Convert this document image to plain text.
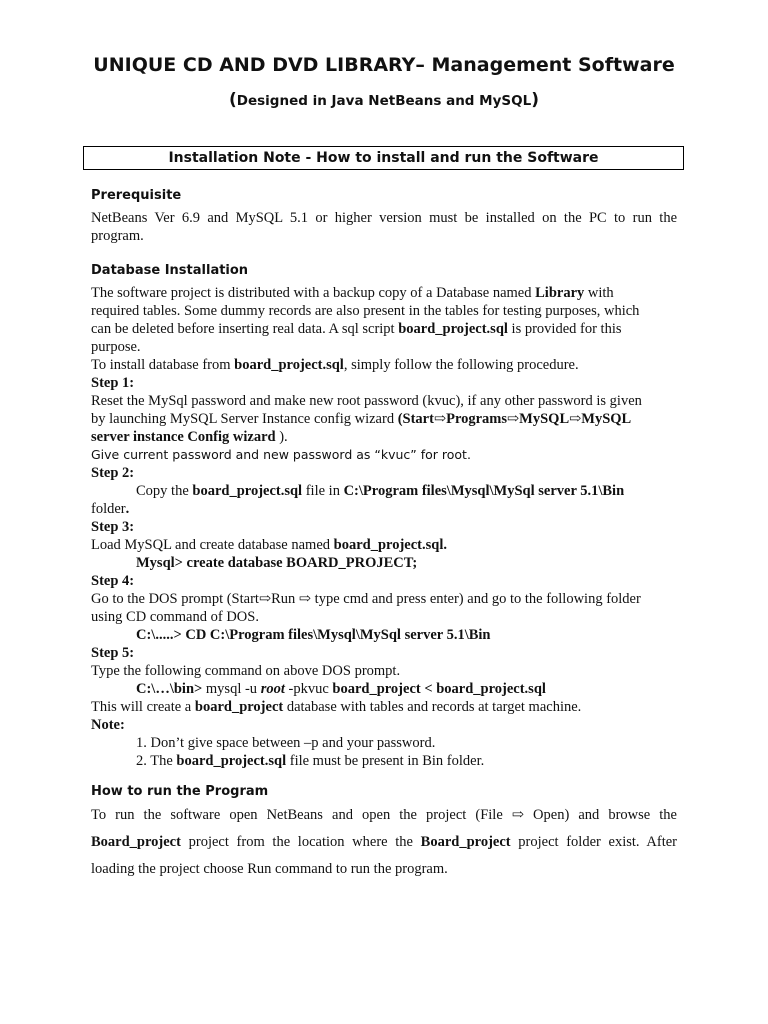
UNIQUE CD AND DVD LIBRARY– Management Software
(Designed in Java NetBeans and MySQL)
Installation Note - How to install and run the Software
Prerequisite
NetBeans Ver 6.9 and MySQL 5.1 or higher version must be installed on the PC to run the
program.
Database Installation
The software project is distributed with a backup copy of a Database named Library with
required tables. Some dummy records are also present in the tables for testing purposes, which
can be deleted before inserting real data. A sql script board_project.sql is provided for this
purpose.
To install database from board_project.sql, simply follow the following procedure.
Step 1:
Reset the MySql password and make new root password (kvuc), if any other password is given
by launching MySQL Server Instance config wizard (Start⇨Programs⇨MySQL⇨MySQL
server instance Config wizard ).
Give current password and new password as “kvuc” for root.
Step 2:
Copy the board_project.sql file in C:\Program files\Mysql\MySql server 5.1\Bin
folder.
Step 3:
Load MySQL and create database named board_project.sql.
Mysql> create database BOARD_PROJECT;
Step 4:
Go to the DOS prompt (Start⇨Run ⇨ type cmd and press enter) and go to the following folder
using CD command of DOS.
C:\.....> CD C:\Program files\Mysql\MySql server 5.1\Bin
Step 5:
Type the following command on above DOS prompt.
C:\…\bin> mysql -u root -pkvuc board_project < board_project.sql
This will create a board_project database with tables and records at target machine.
Note:
1. Don’t give space between –p and your password.
2. The board_project.sql file must be present in Bin folder.
How to run the Program
To run the software open NetBeans and open the project (File ⇨ Open) and browse the
Board_project project from the location where the Board_project project folder exist. After
loading the project choose Run command to run the program.
